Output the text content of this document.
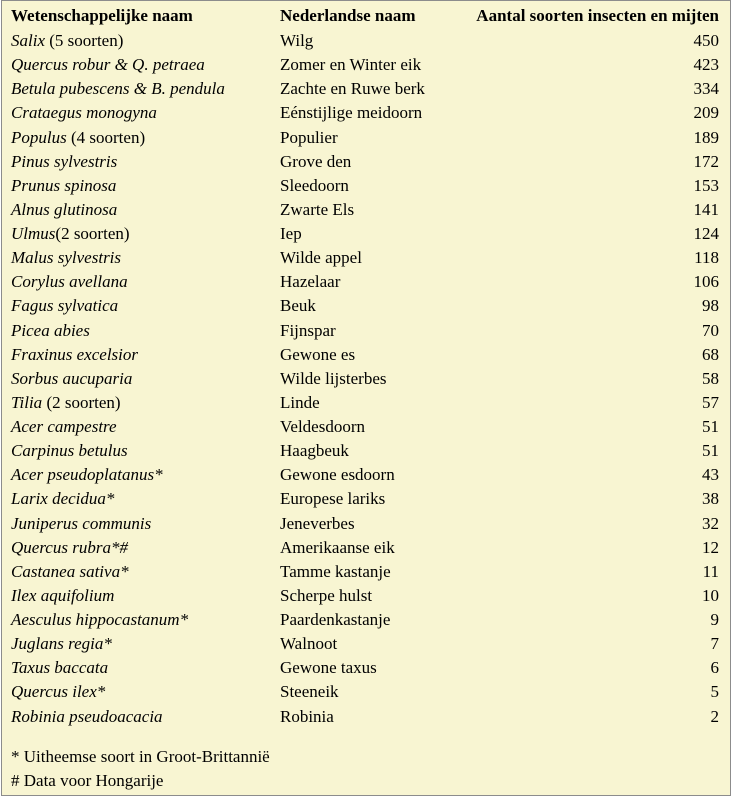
Wetenschappelijke naam	Nederlandse naam	Aantal soorten insecten en mijten
Salix (5 soorten)	Wilg	450
Quercus robur & Q. petraea	Zomer en Winter eik	423
Betula pubescens & B. pendula	Zachte en Ruwe berk	334
Crataegus monogyna	Eénstijlige meidoorn	209
Populus (4 soorten)	Populier	189
Pinus sylvestris	Grove den	172
Prunus spinosa	Sleedoorn	153
Alnus glutinosa	Zwarte Els	141
Ulmus(2 soorten)	Iep	124
Malus sylvestris	Wilde appel	118
Corylus avellana	Hazelaar	106
Fagus sylvatica	Beuk	98
Picea abies	Fijnspar	70
Fraxinus excelsior	Gewone es	68
Sorbus aucuparia	Wilde lijsterbes	58
Tilia (2 soorten)	Linde	57
Acer campestre	Veldesdoorn	51
Carpinus betulus	Haagbeuk	51
Acer pseudoplatanus*	Gewone esdoorn	43
Larix decidua*	Europese lariks	38
Juniperus communis	Jeneverbes	32
Quercus rubra*#	Amerikaanse eik	12
Castanea sativa*	Tamme kastanje	11
Ilex aquifolium	Scherpe hulst	10
Aesculus hippocastanum*	Paardenkastanje	9
Juglans regia*	Walnoot	7
Taxus baccata	Gewone taxus	6
Quercus ilex*	Steeneik	5
Robinia pseudoacacia	Robinia	2
* Uitheemse soort in Groot-Brittannië
# Data voor Hongarije
